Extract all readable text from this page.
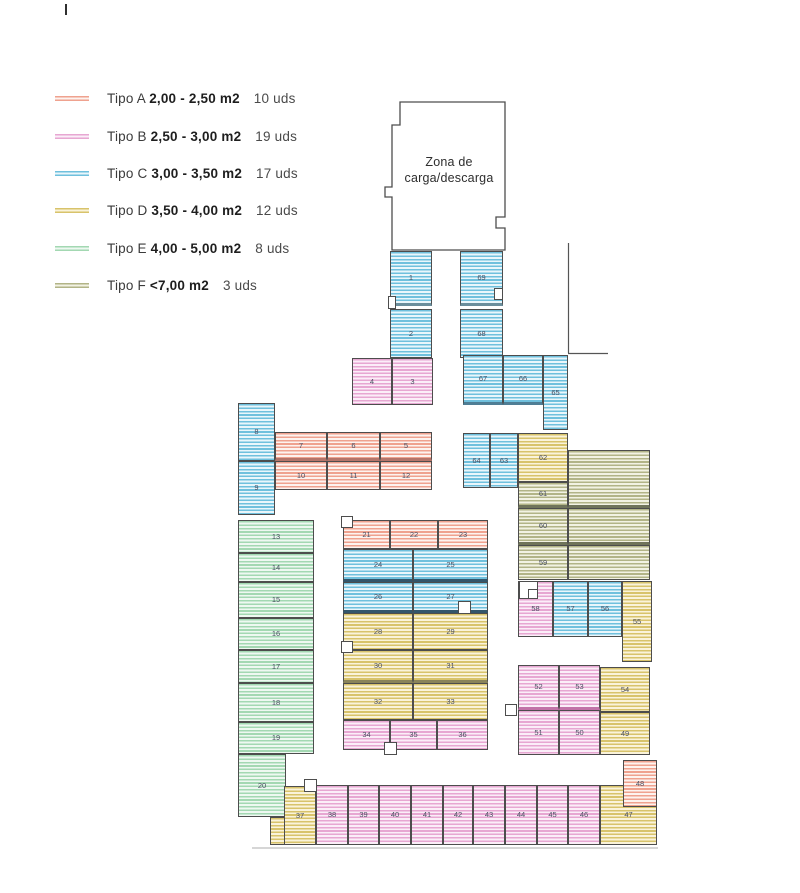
Tipo A 2,00 - 2,50 m2 10 uds
Tipo B 2,50 - 3,00 m2 19 uds
Tipo C 3,00 - 3,50 m2 17 uds
Tipo D 3,50 - 4,00 m2 12 uds
Tipo E 4,00 - 5,00 m2 8 uds
Tipo F <7,00 m2 3 uds
Zona de
carga/descarga
1
2
69
68
4	3	67	66
65
8
9
7	6	5
10	11	12
64	63	62
61
60
59
13
14
15
16
17
18
19
20
21	22	23
24	25
26	27
28	29
30	31
32	33
34	35	36
58	57	56
55
52	53
51	50
54
49
37	38	39	40	41	42	43	44	45	46	47
48
